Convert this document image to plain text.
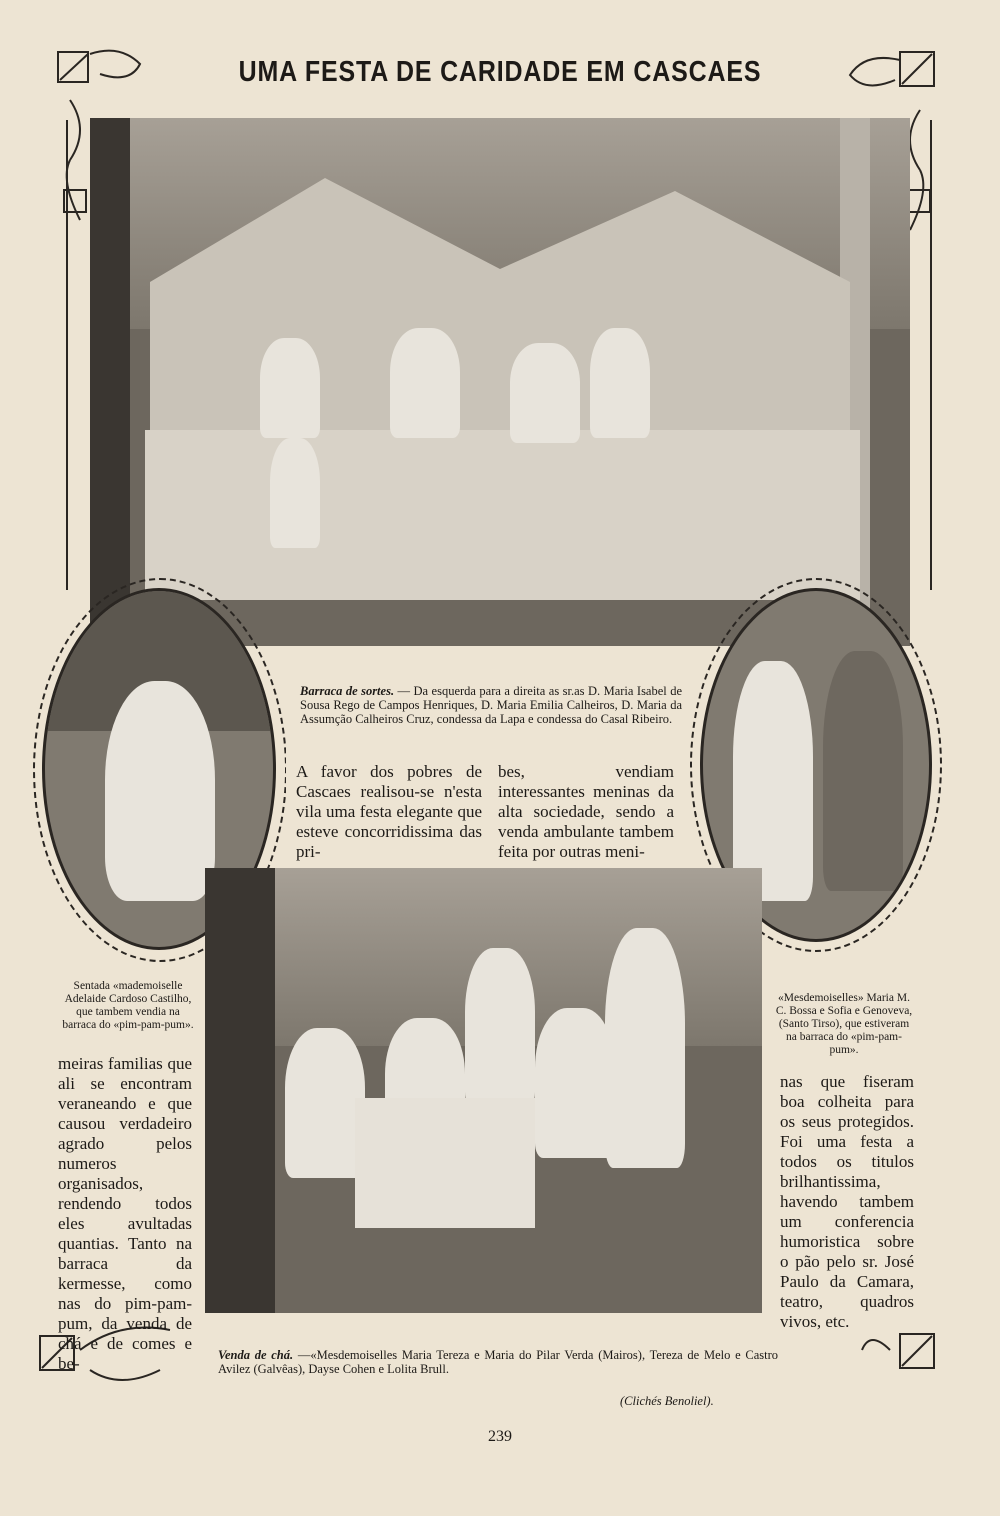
UMA FESTA DE CARIDADE EM CASCAES
Barraca de sortes. — Da esquerda para a direita as sr.as D. Maria Isabel de Sousa Rego de Campos Henriques, D. Maria Emilia Calheiros, D. Maria da Assumção Calheiros Cruz, condessa da Lapa e condessa do Casal Ribeiro.
A favor dos pobres de Cascaes realisou-se n'esta vila uma festa elegante que esteve concorridissima das pri-
bes, vendiam interessantes meninas da alta sociedade, sendo a venda ambulante tambem feita por outras meni-
Sentada «mademoiselle Adelaide Cardoso Castilho, que tambem vendia na barraca do «pim-pam-pum».
«Mesdemoiselles» Maria M. C. Bossa e Sofia e Genoveva, (Santo Tirso), que estiveram na barraca do «pim-pam-pum».
meiras familias que ali se encontram veraneando e que causou verdadeiro agrado pelos numeros organisados, rendendo todos eles avultadas quantias. Tanto na barraca da kermesse, como nas do pim-pam-pum, da venda de chá e de comes e be-
nas que fiseram boa colheita para os seus protegidos. Foi uma festa a todos os titulos brilhantissima, havendo tambem um conferencia humoristica sobre o pão pelo sr. José Paulo da Camara, teatro, quadros vivos, etc.
Venda de chá. —«Mesdemoiselles Maria Tereza e Maria do Pilar Verda (Mairos), Tereza de Melo e Castro Avilez (Galvêas), Dayse Cohen e Lolita Brull.
(Clichés Benoliel).
239
